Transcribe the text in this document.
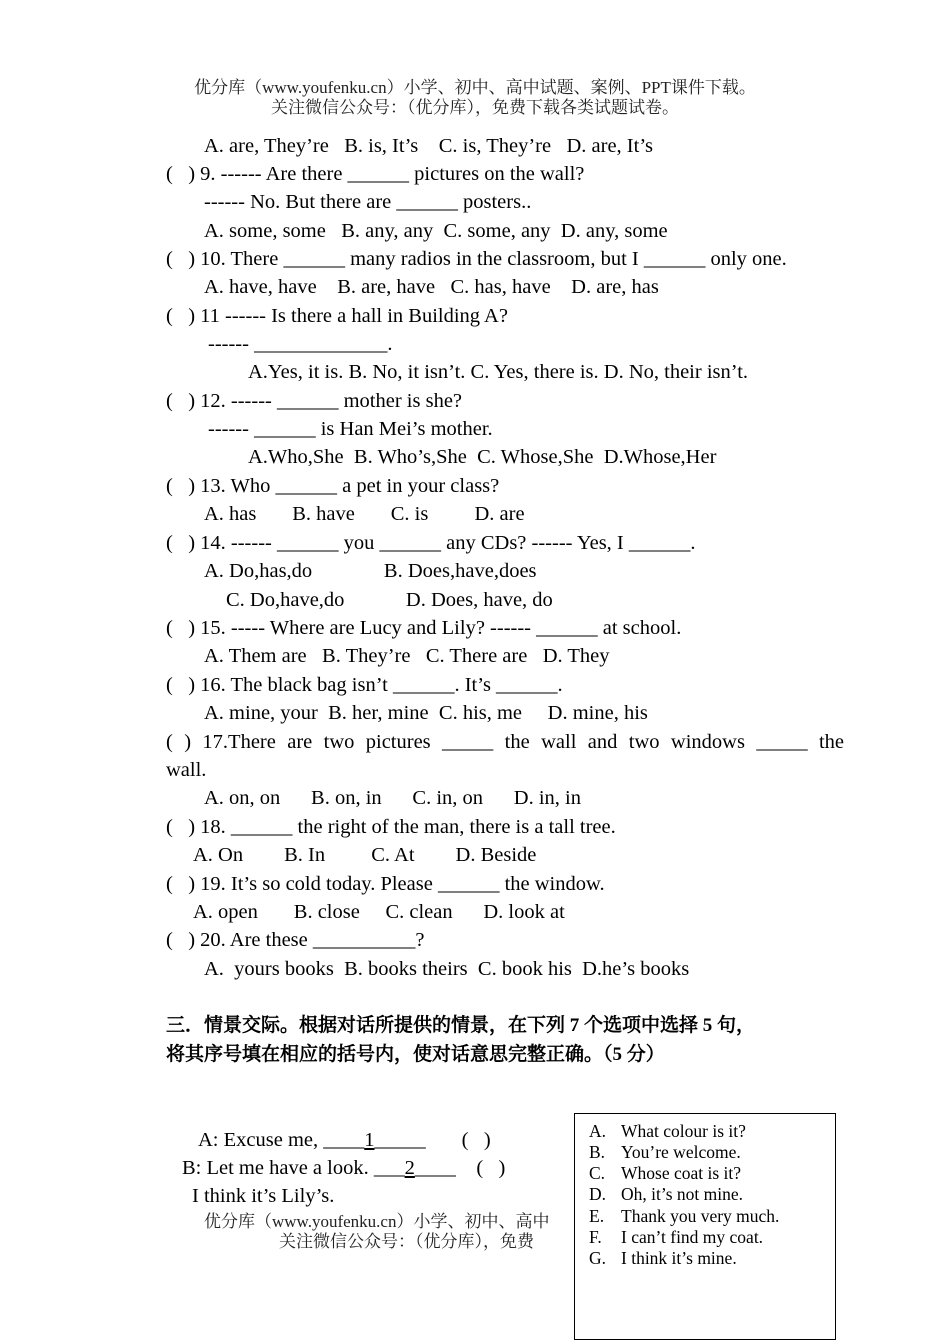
优分库（www.youfenku.cn）小学、初中、高中试题、案例、PPT课件下载。
关注微信公众号：（优分库），免费下载各类试题试卷。
A. are, They’re   B. is, It’s    C. is, They’re   D. are, It’s
(   ) 9. ------ Are there ______ pictures on the wall?
------ No. But there are ______ posters..
A. some, some   B. any, any  C. some, any  D. any, some
(   ) 10. There ______ many radios in the classroom, but I ______ only one.
A. have, have    B. are, have   C. has, have    D. are, has
(   ) 11 ------ Is there a hall in Building A?
------ _____________.
A.Yes, it is. B. No, it isn’t. C. Yes, there is. D. No, their isn’t.
(   ) 12. ------ ______ mother is she?
------ ______ is Han Mei’s mother.
A.Who,She  B. Who’s,She  C. Whose,She  D.Whose,Her
(   ) 13. Who ______ a pet in your class?
A. has       B. have       C. is         D. are
(   ) 14. ------ ______ you ______ any CDs? ------ Yes, I ______.
A. Do,has,do              B. Does,have,does
C. Do,have,do            D. Does, have, do
(   ) 15. ----- Where are Lucy and Lily? ------ ______ at school.
A. Them are   B. They’re   C. There are   D. They
(   ) 16. The black bag isn’t ______. It’s ______.
A. mine, your  B. her, mine  C. his, me     D. mine, his
( ) 17.There are two pictures _____ the wall and two windows _____ the
wall.
A. on, on      B. on, in      C. in, on      D. in, in
(   ) 18. ______ the right of the man, there is a tall tree.
A. On        B. In         C. At        D. Beside
(   ) 19. It’s so cold today. Please ______ the window.
A. open       B. close     C. clean      D. look at
(   ) 20. Are these __________?
A.  yours books  B. books theirs  C. book his  D.he’s books
三．情景交际。根据对话所提供的情景，在下列 7 个选项中选择 5 句，
将其序号填在相应的括号内，使对话意思完整正确。（5 分）
A: Excuse me, ____1_____       (   )
B: Let me have a look. ___2____    (   )
I think it’s Lily’s.
优分库（www.youfenku.cn）小学、初中、高中
关注微信公众号：（优分库），免费
A. What colour is it?
B. You’re welcome.
C. Whose coat is it?
D. Oh, it’s not mine.
E. Thank you very much.
F. I can’t find my coat.
G. I think it’s mine.
